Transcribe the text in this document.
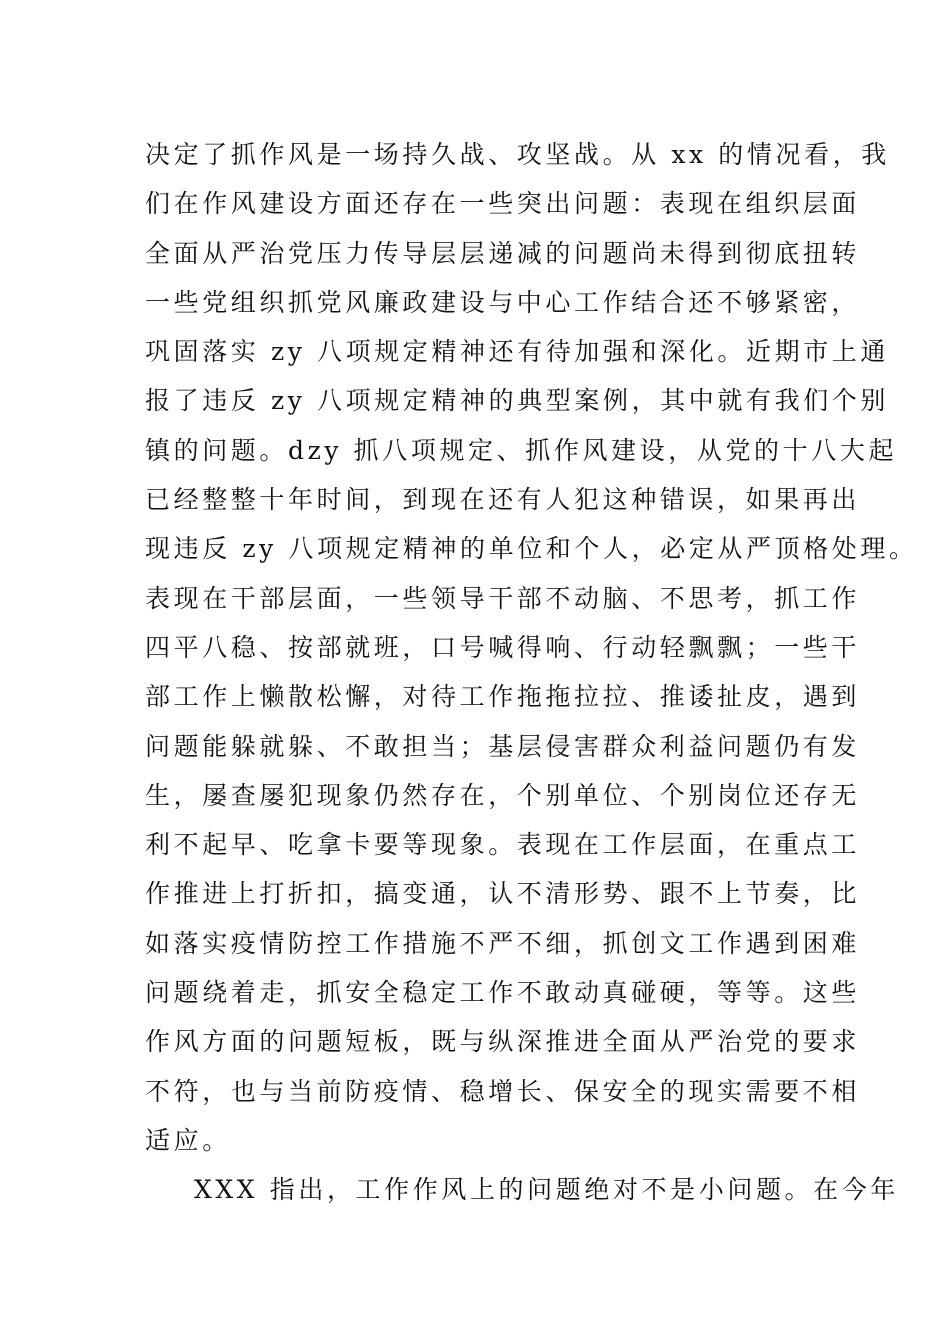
决定了抓作风是一场持久战、攻坚战。从 xx 的情况看，我
们在作风建设方面还存在一些突出问题：表现在组织层面
全面从严治党压力传导层层递减的问题尚未得到彻底扭转
一些党组织抓党风廉政建设与中心工作结合还不够紧密，
巩固落实 zy 八项规定精神还有待加强和深化。近期市上通
报了违反 zy 八项规定精神的典型案例，其中就有我们个别
镇的问题。dzy 抓八项规定、抓作风建设，从党的十八大起
已经整整十年时间，到现在还有人犯这种错误，如果再出
现违反 zy 八项规定精神的单位和个人，必定从严顶格处理。
表现在干部层面，一些领导干部不动脑、不思考，抓工作
四平八稳、按部就班，口号喊得响、行动轻飘飘；一些干
部工作上懒散松懈，对待工作拖拖拉拉、推诿扯皮，遇到
问题能躲就躲、不敢担当；基层侵害群众利益问题仍有发
生，屡查屡犯现象仍然存在，个别单位、个别岗位还存无
利不起早、吃拿卡要等现象。表现在工作层面，在重点工
作推进上打折扣，搞变通，认不清形势、跟不上节奏，比
如落实疫情防控工作措施不严不细，抓创文工作遇到困难
问题绕着走，抓安全稳定工作不敢动真碰硬，等等。这些
作风方面的问题短板，既与纵深推进全面从严治党的要求
不符，也与当前防疫情、稳增长、保安全的现实需要不相
适应。
XXX 指出，工作作风上的问题绝对不是小问题。在今年
